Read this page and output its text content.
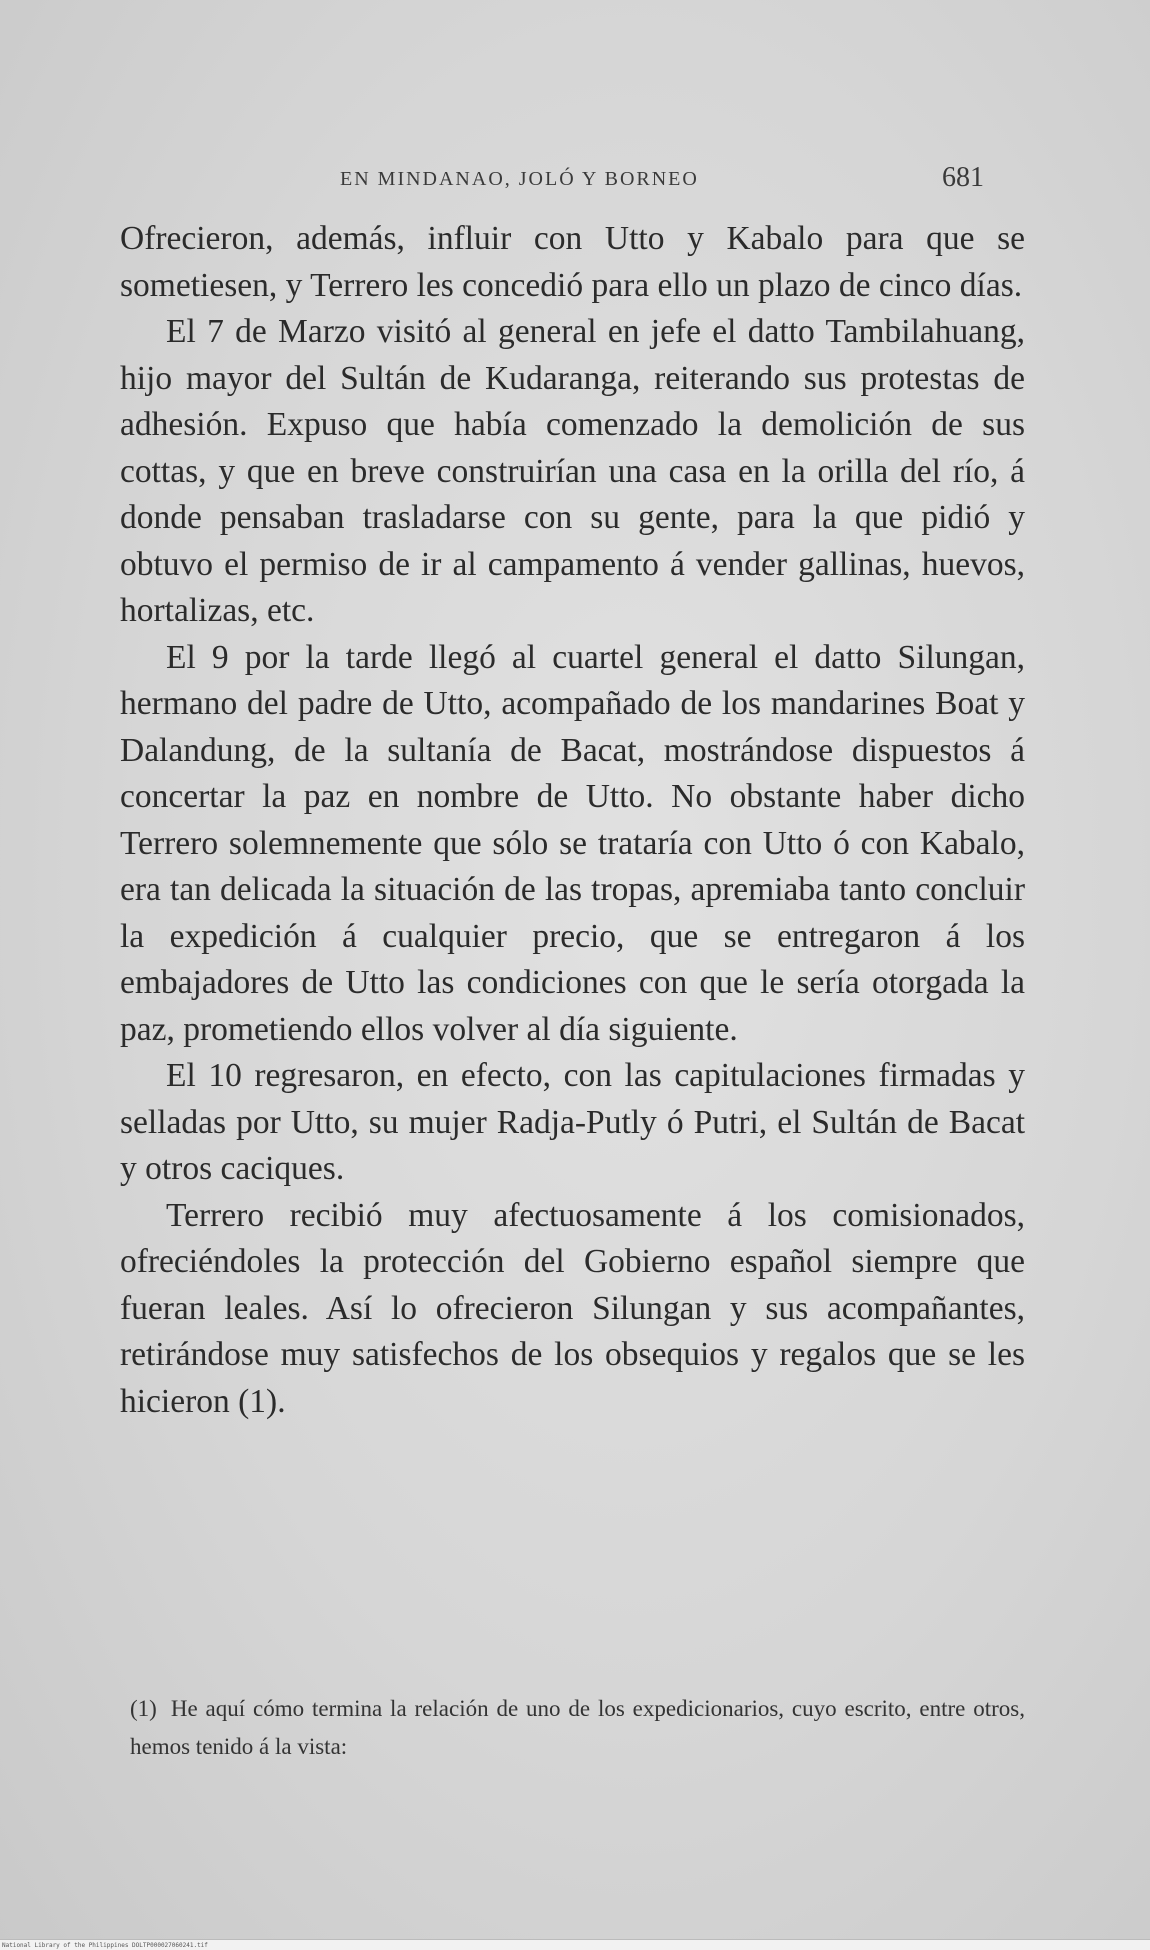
EN MINDANAO, JOLÓ Y BORNEO	681

Ofrecieron, además, influir con Utto y Kabalo para que se sometiesen, y Terrero les concedió para ello un plazo de cinco días.

El 7 de Marzo visitó al general en jefe el datto Tambilahuang, hijo mayor del Sultán de Kudaranga, reiterando sus protestas de adhesión. Expuso que había comenzado la demolición de sus cottas, y que en breve construirían una casa en la orilla del río, á donde pensaban trasladarse con su gente, para la que pidió y obtuvo el permiso de ir al campamento á vender gallinas, huevos, hortalizas, etc.

El 9 por la tarde llegó al cuartel general el datto Silungan, hermano del padre de Utto, acompañado de los mandarines Boat y Dalandung, de la sultanía de Bacat, mostrándose dispuestos á concertar la paz en nombre de Utto. No obstante haber dicho Terrero solemnemente que sólo se trataría con Utto ó con Kabalo, era tan delicada la situación de las tropas, apremiaba tanto concluir la expedición á cualquier precio, que se entregaron á los embajadores de Utto las condiciones con que le sería otorgada la paz, prometiendo ellos volver al día siguiente.

El 10 regresaron, en efecto, con las capitulaciones firmadas y selladas por Utto, su mujer Radja-Putly ó Putri, el Sultán de Bacat y otros caciques.

Terrero recibió muy afectuosamente á los comisionados, ofreciéndoles la protección del Gobierno español siempre que fueran leales. Así lo ofrecieron Silungan y sus acompañantes, retirándose muy satisfechos de los obsequios y regalos que se les hicieron (1).

(1) He aquí cómo termina la relación de uno de los expedicionarios, cuyo escrito, entre otros, hemos tenido á la vista:
National Library of the Philippines DOLTP000027060241.tif
